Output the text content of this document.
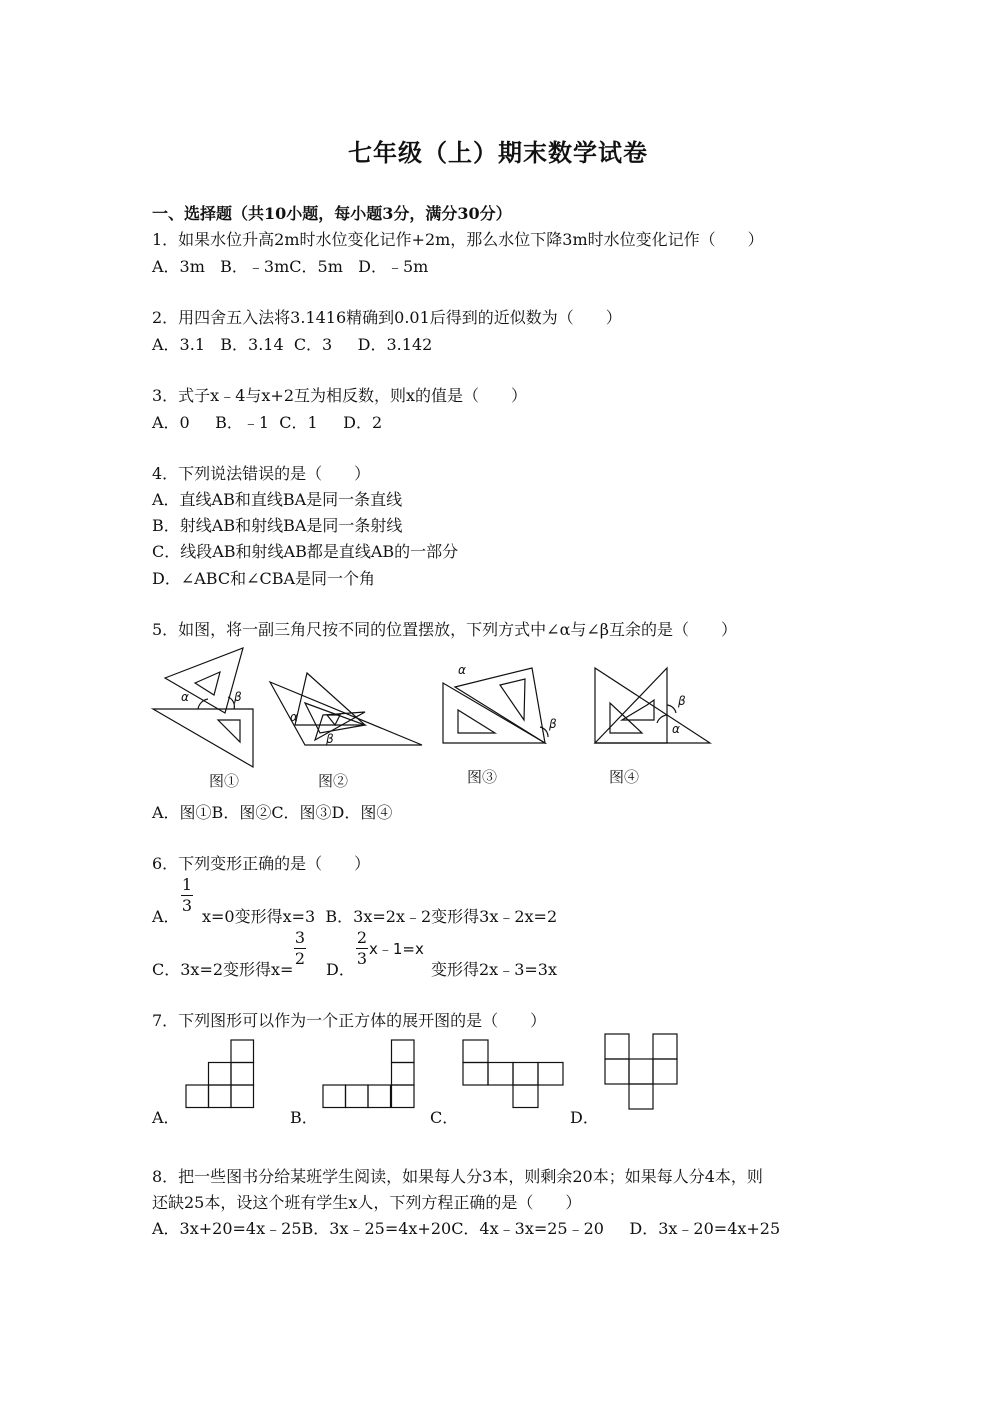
七年级（上）期末数学试卷
一、选择题（共10小题，每小题3分，满分30分）
1．如果水位升高2m时水位变化记作+2m，那么水位下降3m时水位变化记作（　　）
A．3m   B．﹣3mC．5m   D．﹣5m
2．用四舍五入法将3.1416精确到0.01后得到的近似数为（　　）
A．3.1   B．3.14  C．3     D．3.142
3．式子x﹣4与x+2互为相反数，则x的值是（　　）
A．0     B．﹣1  C．1     D．2
4．下列说法错误的是（　　）
A．直线AB和直线BA是同一条直线
B．射线AB和射线BA是同一条射线
C．线段AB和射线AB都是直线AB的一部分
D．∠ABC和∠CBA是同一个角
5．如图，将一副三角尺按不同的位置摆放，下列方式中∠α与∠β互余的是（　　）
α	β
图①
α
β
图②
α
β
图③
β
α
图④
A．图①B．图②C．图③D．图④
6．下列变形正确的是（　　）
A．
1
3
x=0变形得x=3  B．3x=2x﹣2变形得3x﹣2x=2
C．3x=2变形得x=
3
2
D．
2
3 x﹣1=x
变形得2x﹣3=3x
7．下列图形可以作为一个正方体的展开图的是（　　）
A．	B．	C．	D．
8．把一些图书分给某班学生阅读，如果每人分3本，则剩余20本；如果每人分4本，则
还缺25本，设这个班有学生x人，下列方程正确的是（　　）
A．3x+20=4x﹣25B．3x﹣25=4x+20C．4x﹣3x=25﹣20     D．3x﹣20=4x+25
